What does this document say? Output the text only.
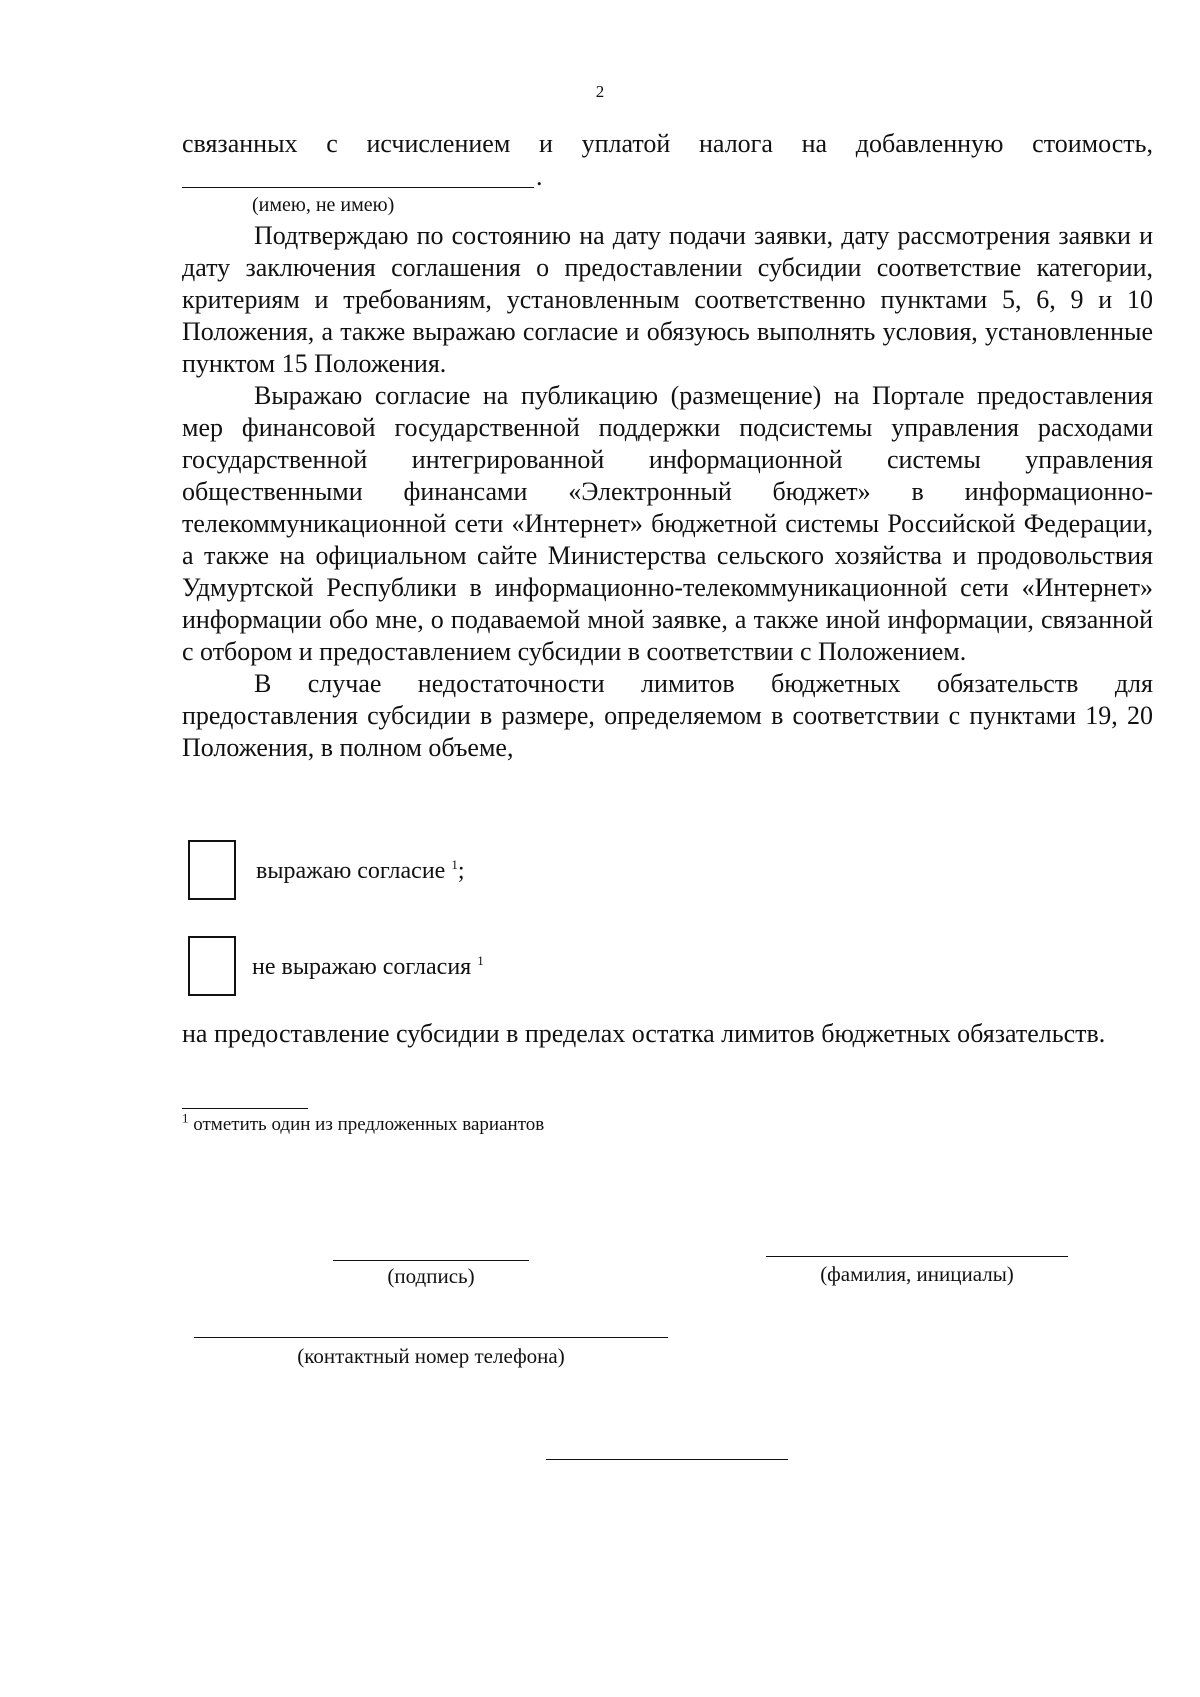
2
связанных с исчислением и уплатой налога на добавленную стоимость,
.
(имею, не имею)

Подтверждаю по состоянию на дату подачи заявки, дату рассмотрения заявки и дату заключения соглашения о предоставлении субсидии соответствие категории, критериям и требованиям, установленным соответственно пунктами 5, 6, 9 и 10 Положения, а также выражаю согласие и обязуюсь выполнять условия, установленные пунктом 15 Положения.

Выражаю согласие на публикацию (размещение) на Портале предоставления мер финансовой государственной поддержки подсистемы управления расходами государственной интегрированной информационной системы управления общественными финансами «Электронный бюджет» в информационно-телекоммуникационной сети «Интернет» бюджетной системы Российской Федерации, а также на официальном сайте Министерства сельского хозяйства и продовольствия Удмуртской Республики в информационно-телекоммуникационной сети «Интернет» информации обо мне, о подаваемой мной заявке, а также иной информации, связанной с отбором и предоставлением субсидии в соответствии с Положением.

В случае недостаточности лимитов бюджетных обязательств для предоставления субсидии в размере, определяемом в соответствии с пунктами 19, 20 Положения, в полном объеме,

выражаю согласие $^1$;
не выражаю согласия $^1$

на предоставление субсидии в пределах остатка лимитов бюджетных обязательств.

$^1$ отметить один из предложенных вариантов
(подпись)	(фамилия, инициалы)
(контактный номер телефона)
